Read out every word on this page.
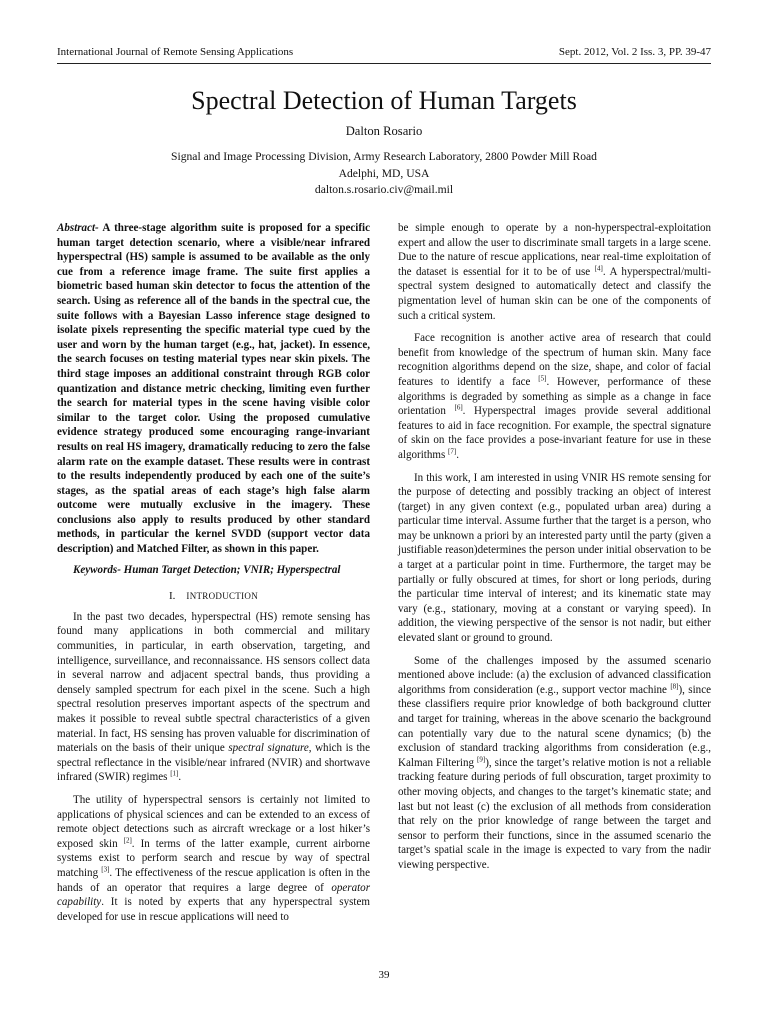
International Journal of Remote Sensing Applications	Sept. 2012, Vol. 2 Iss. 3, PP. 39-47
Spectral Detection of Human Targets
Dalton Rosario
Signal and Image Processing Division, Army Research Laboratory, 2800 Powder Mill Road
Adelphi, MD, USA
dalton.s.rosario.civ@mail.mil

Abstract- A three-stage algorithm suite is proposed for a specific human target detection scenario, where a visible/near infrared hyperspectral (HS) sample is assumed to be available as the only cue from a reference image frame. The suite first applies a biometric based human skin detector to focus the attention of the search. Using as reference all of the bands in the spectral cue, the suite follows with a Bayesian Lasso inference stage designed to isolate pixels representing the specific material type cued by the user and worn by the human target (e.g., hat, jacket). In essence, the search focuses on testing material types near skin pixels. The third stage imposes an additional constraint through RGB color quantization and distance metric checking, limiting even further the search for material types in the scene having visible color similar to the target color. Using the proposed cumulative evidence strategy produced some encouraging range-invariant results on real HS imagery, dramatically reducing to zero the false alarm rate on the example dataset. These results were in contrast to the results independently produced by each one of the suite’s stages, as the spatial areas of each stage’s high false alarm outcome were mutually exclusive in the imagery. These conclusions also apply to results produced by other standard methods, in particular the kernel SVDD (support vector data description) and Matched Filter, as shown in this paper.

Keywords- Human Target Detection; VNIR; Hyperspectral

I. INTRODUCTION

In the past two decades, hyperspectral (HS) remote sensing has found many applications in both commercial and military communities, in particular, in earth observation, targeting, and intelligence, surveillance, and reconnaissance. HS sensors collect data in several narrow and adjacent spectral bands, thus providing a densely sampled spectrum for each pixel in the scene. Such a high spectral resolution preserves important aspects of the spectrum and makes it possible to reveal subtle spectral characteristics of a given material. In fact, HS sensing has proven valuable for discrimination of materials on the basis of their unique spectral signature, which is the spectral reflectance in the visible/near infrared (NVIR) and shortwave infrared (SWIR) regimes [1].

The utility of hyperspectral sensors is certainly not limited to applications of physical sciences and can be extended to an excess of remote object detections such as aircraft wreckage or a lost hiker’s exposed skin [2]. In terms of the latter example, current airborne systems exist to perform search and rescue by way of spectral matching [3]. The effectiveness of the rescue application is often in the hands of an operator that requires a large degree of operator capability. It is noted by experts that any hyperspectral system developed for use in rescue applications will need to

be simple enough to operate by a non-hyperspectral-exploitation expert and allow the user to discriminate small targets in a large scene. Due to the nature of rescue applications, near real-time exploitation of the dataset is essential for it to be of use [4]. A hyperspectral/multi-spectral system designed to automatically detect and classify the pigmentation level of human skin can be one of the components of such a critical system.

Face recognition is another active area of research that could benefit from knowledge of the spectrum of human skin. Many face recognition algorithms depend on the size, shape, and color of facial features to identify a face [5]. However, performance of these algorithms is degraded by something as simple as a change in face orientation [6]. Hyperspectral images provide several additional features to aid in face recognition. For example, the spectral signature of skin on the face provides a pose-invariant feature for use in these algorithms [7].

In this work, I am interested in using VNIR HS remote sensing for the purpose of detecting and possibly tracking an object of interest (target) in any given context (e.g., populated urban area) during a particular time interval. Assume further that the target is a person, who may be unknown a priori by an interested party until the party (given a justifiable reason)determines the person under initial observation to be a target at a particular point in time. Furthermore, the target may be partially or fully obscured at times, for short or long periods, during the particular time interval of interest; and its kinematic state may vary (e.g., stationary, moving at a constant or varying speed). In addition, the viewing perspective of the sensor is not nadir, but either elevated slant or ground to ground.

Some of the challenges imposed by the assumed scenario mentioned above include: (a) the exclusion of advanced classification algorithms from consideration (e.g., support vector machine [8]), since these classifiers require prior knowledge of both background clutter and target for training, whereas in the above scenario the background can potentially vary due to the natural scene dynamics; (b) the exclusion of standard tracking algorithms from consideration (e.g., Kalman Filtering [9]), since the target’s relative motion is not a reliable tracking feature during periods of full obscuration, target proximity to other moving objects, and changes to the target’s kinematic state; and last but not least (c) the exclusion of all methods from consideration that rely on the prior knowledge of range between the target and sensor to perform their functions, since in the assumed scenario the target’s spatial scale in the image is expected to vary from the nadir viewing perspective.

39
